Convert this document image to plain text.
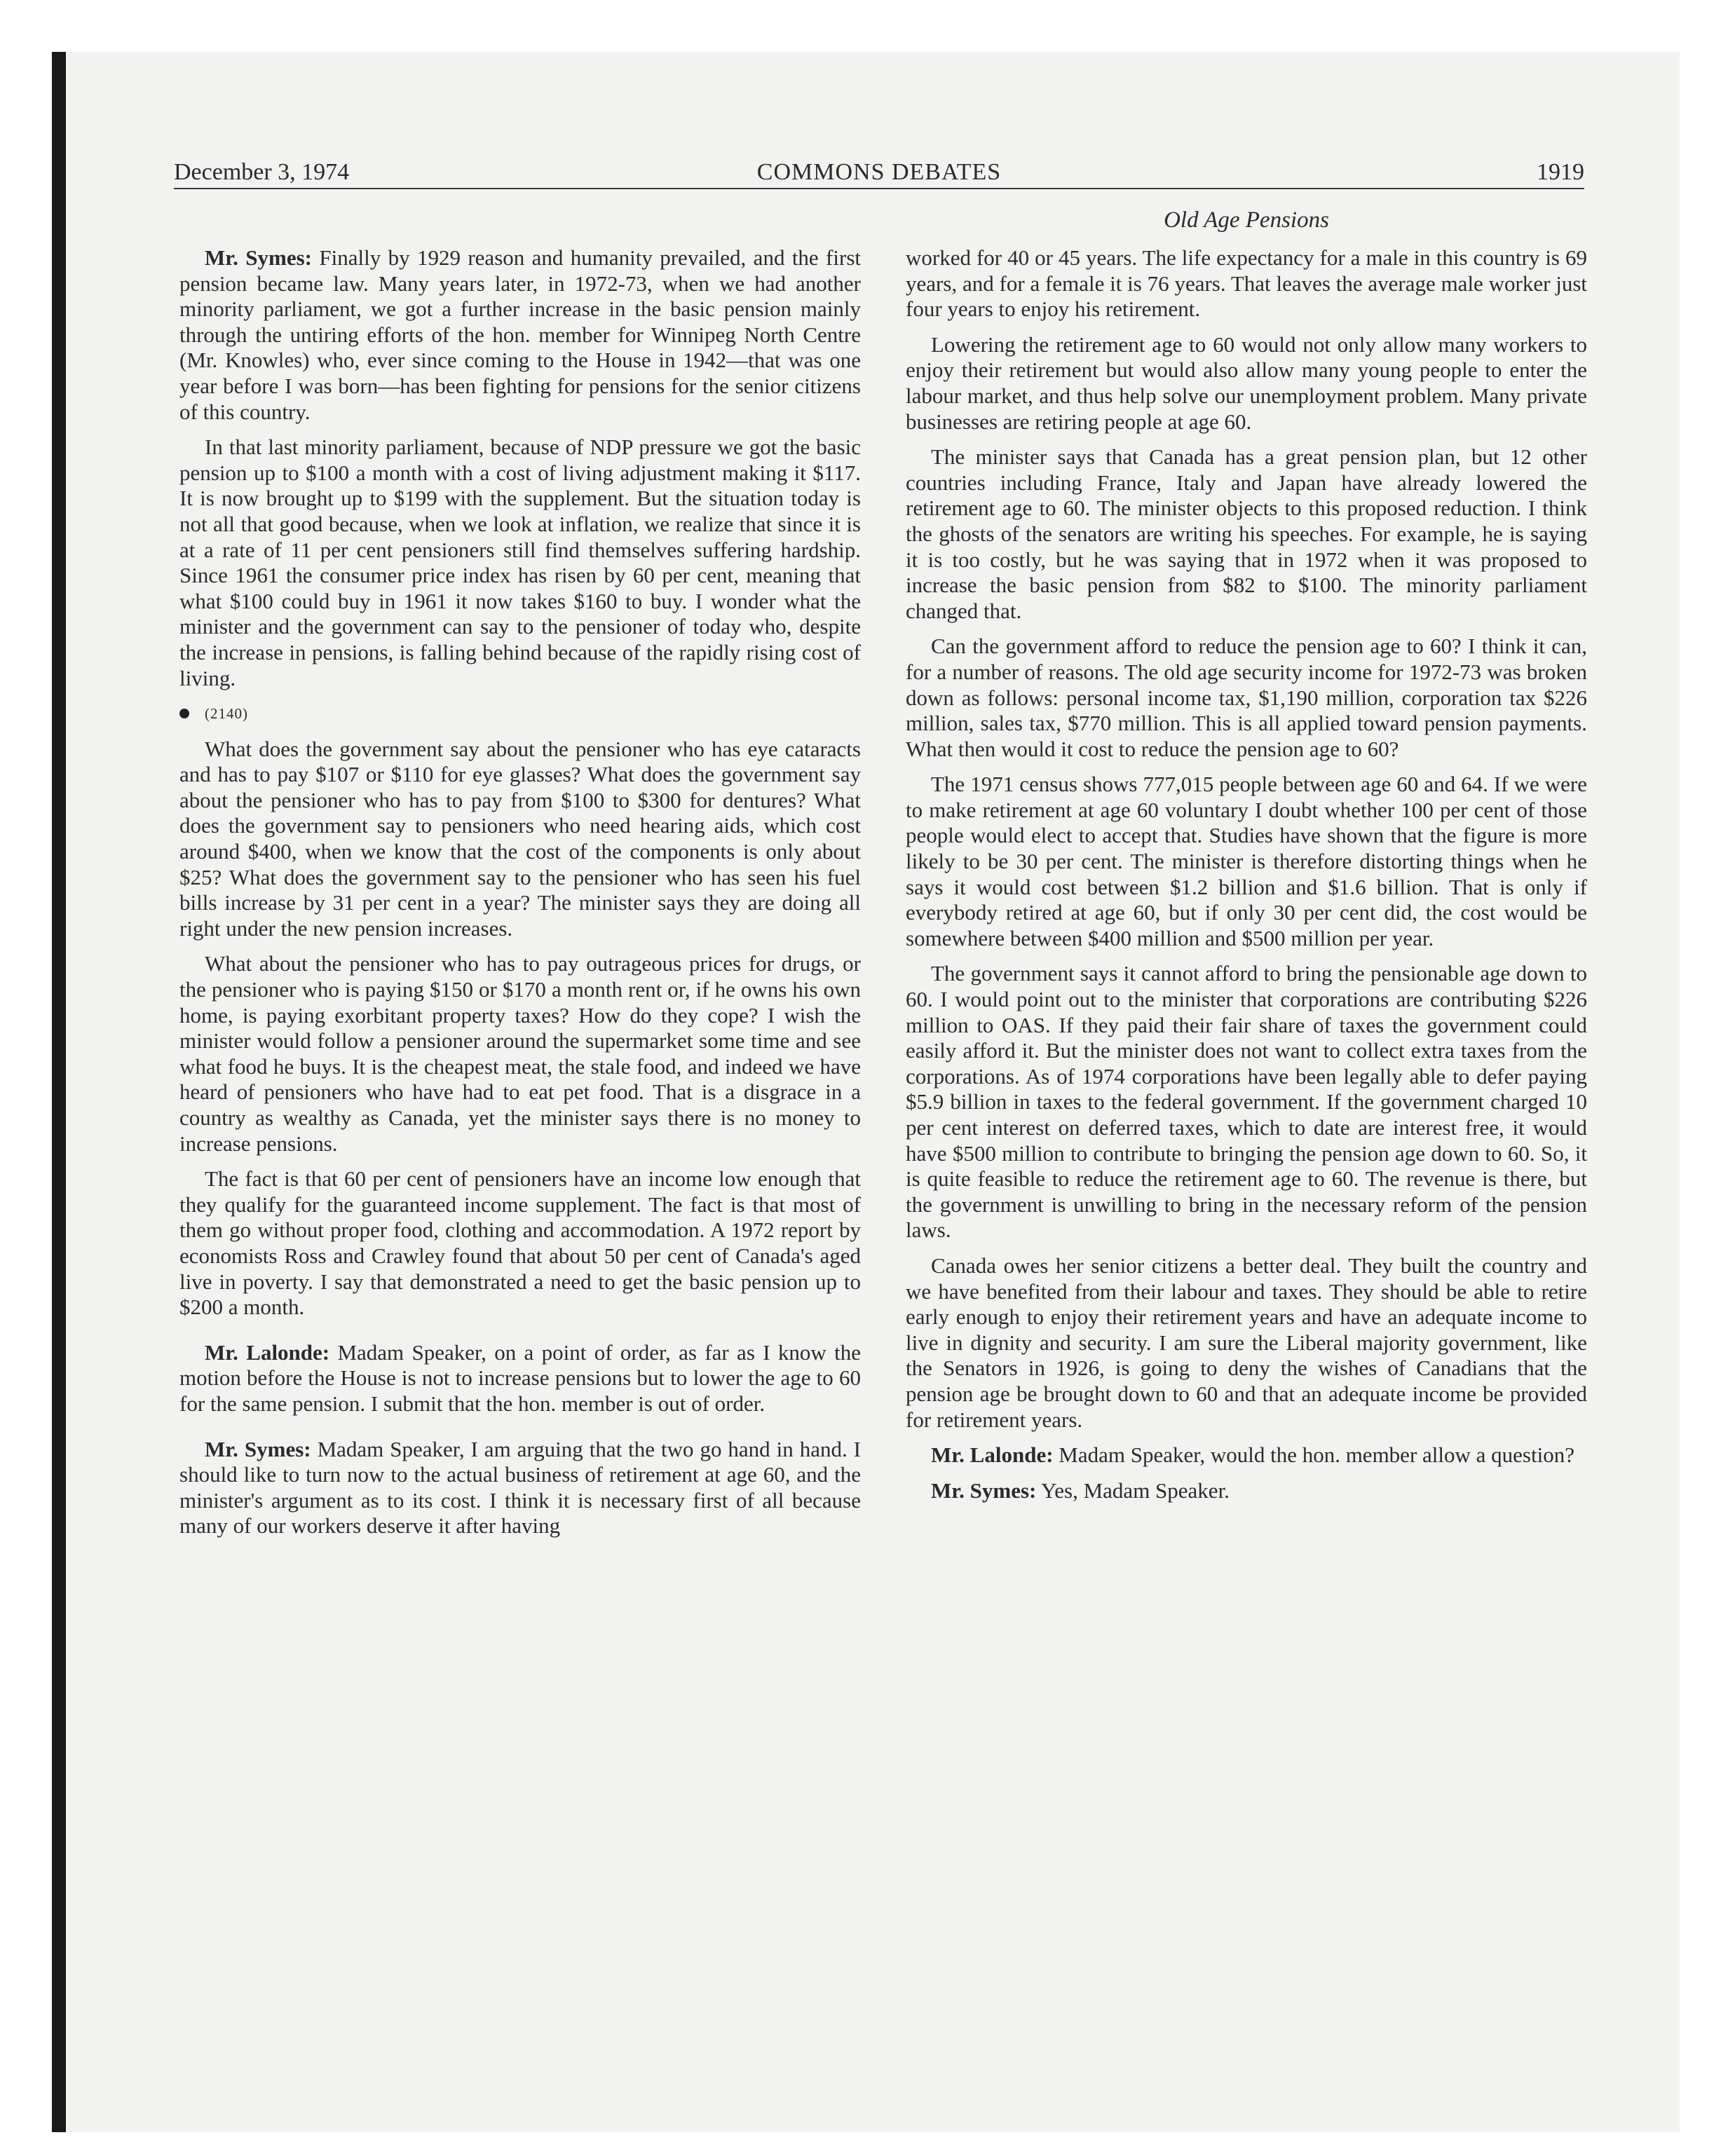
December 3, 1974	COMMONS DEBATES	1919
Old Age Pensions

Mr. Symes: Finally by 1929 reason and humanity prevailed, and the first pension became law. Many years later, in 1972-73, when we had another minority parliament, we got a further increase in the basic pension mainly through the untiring efforts of the hon. member for Winnipeg North Centre (Mr. Knowles) who, ever since coming to the House in 1942—that was one year before I was born—has been fighting for pensions for the senior citizens of this country.

In that last minority parliament, because of NDP pressure we got the basic pension up to $100 a month with a cost of living adjustment making it $117. It is now brought up to $199 with the supplement. But the situation today is not all that good because, when we look at inflation, we realize that since it is at a rate of 11 per cent pensioners still find themselves suffering hardship. Since 1961 the consumer price index has risen by 60 per cent, meaning that what $100 could buy in 1961 it now takes $160 to buy. I wonder what the minister and the government can say to the pensioner of today who, despite the increase in pensions, is falling behind because of the rapidly rising cost of living.

(2140)

What does the government say about the pensioner who has eye cataracts and has to pay $107 or $110 for eye glasses? What does the government say about the pensioner who has to pay from $100 to $300 for dentures? What does the government say to pensioners who need hearing aids, which cost around $400, when we know that the cost of the components is only about $25? What does the government say to the pensioner who has seen his fuel bills increase by 31 per cent in a year? The minister says they are doing all right under the new pension increases.

What about the pensioner who has to pay outrageous prices for drugs, or the pensioner who is paying $150 or $170 a month rent or, if he owns his own home, is paying exorbitant property taxes? How do they cope? I wish the minister would follow a pensioner around the supermarket some time and see what food he buys. It is the cheapest meat, the stale food, and indeed we have heard of pensioners who have had to eat pet food. That is a disgrace in a country as wealthy as Canada, yet the minister says there is no money to increase pensions.

The fact is that 60 per cent of pensioners have an income low enough that they qualify for the guaranteed income supplement. The fact is that most of them go without proper food, clothing and accommodation. A 1972 report by economists Ross and Crawley found that about 50 per cent of Canada's aged live in poverty. I say that demonstrated a need to get the basic pension up to $200 a month.

Mr. Lalonde: Madam Speaker, on a point of order, as far as I know the motion before the House is not to increase pensions but to lower the age to 60 for the same pension. I submit that the hon. member is out of order.

Mr. Symes: Madam Speaker, I am arguing that the two go hand in hand. I should like to turn now to the actual business of retirement at age 60, and the minister's argument as to its cost. I think it is necessary first of all because many of our workers deserve it after having

worked for 40 or 45 years. The life expectancy for a male in this country is 69 years, and for a female it is 76 years. That leaves the average male worker just four years to enjoy his retirement.

Lowering the retirement age to 60 would not only allow many workers to enjoy their retirement but would also allow many young people to enter the labour market, and thus help solve our unemployment problem. Many private businesses are retiring people at age 60.

The minister says that Canada has a great pension plan, but 12 other countries including France, Italy and Japan have already lowered the retirement age to 60. The minister objects to this proposed reduction. I think the ghosts of the senators are writing his speeches. For example, he is saying it is too costly, but he was saying that in 1972 when it was proposed to increase the basic pension from $82 to $100. The minority parliament changed that.

Can the government afford to reduce the pension age to 60? I think it can, for a number of reasons. The old age security income for 1972-73 was broken down as follows: personal income tax, $1,190 million, corporation tax $226 million, sales tax, $770 million. This is all applied toward pension payments. What then would it cost to reduce the pension age to 60?

The 1971 census shows 777,015 people between age 60 and 64. If we were to make retirement at age 60 voluntary I doubt whether 100 per cent of those people would elect to accept that. Studies have shown that the figure is more likely to be 30 per cent. The minister is therefore distorting things when he says it would cost between $1.2 billion and $1.6 billion. That is only if everybody retired at age 60, but if only 30 per cent did, the cost would be somewhere between $400 million and $500 million per year.

The government says it cannot afford to bring the pensionable age down to 60. I would point out to the minister that corporations are contributing $226 million to OAS. If they paid their fair share of taxes the government could easily afford it. But the minister does not want to collect extra taxes from the corporations. As of 1974 corporations have been legally able to defer paying $5.9 billion in taxes to the federal government. If the government charged 10 per cent interest on deferred taxes, which to date are interest free, it would have $500 million to contribute to bringing the pension age down to 60. So, it is quite feasible to reduce the retirement age to 60. The revenue is there, but the government is unwilling to bring in the necessary reform of the pension laws.

Canada owes her senior citizens a better deal. They built the country and we have benefited from their labour and taxes. They should be able to retire early enough to enjoy their retirement years and have an adequate income to live in dignity and security. I am sure the Liberal majority government, like the Senators in 1926, is going to deny the wishes of Canadians that the pension age be brought down to 60 and that an adequate income be provided for retirement years.

Mr. Lalonde: Madam Speaker, would the hon. member allow a question?

Mr. Symes: Yes, Madam Speaker.
